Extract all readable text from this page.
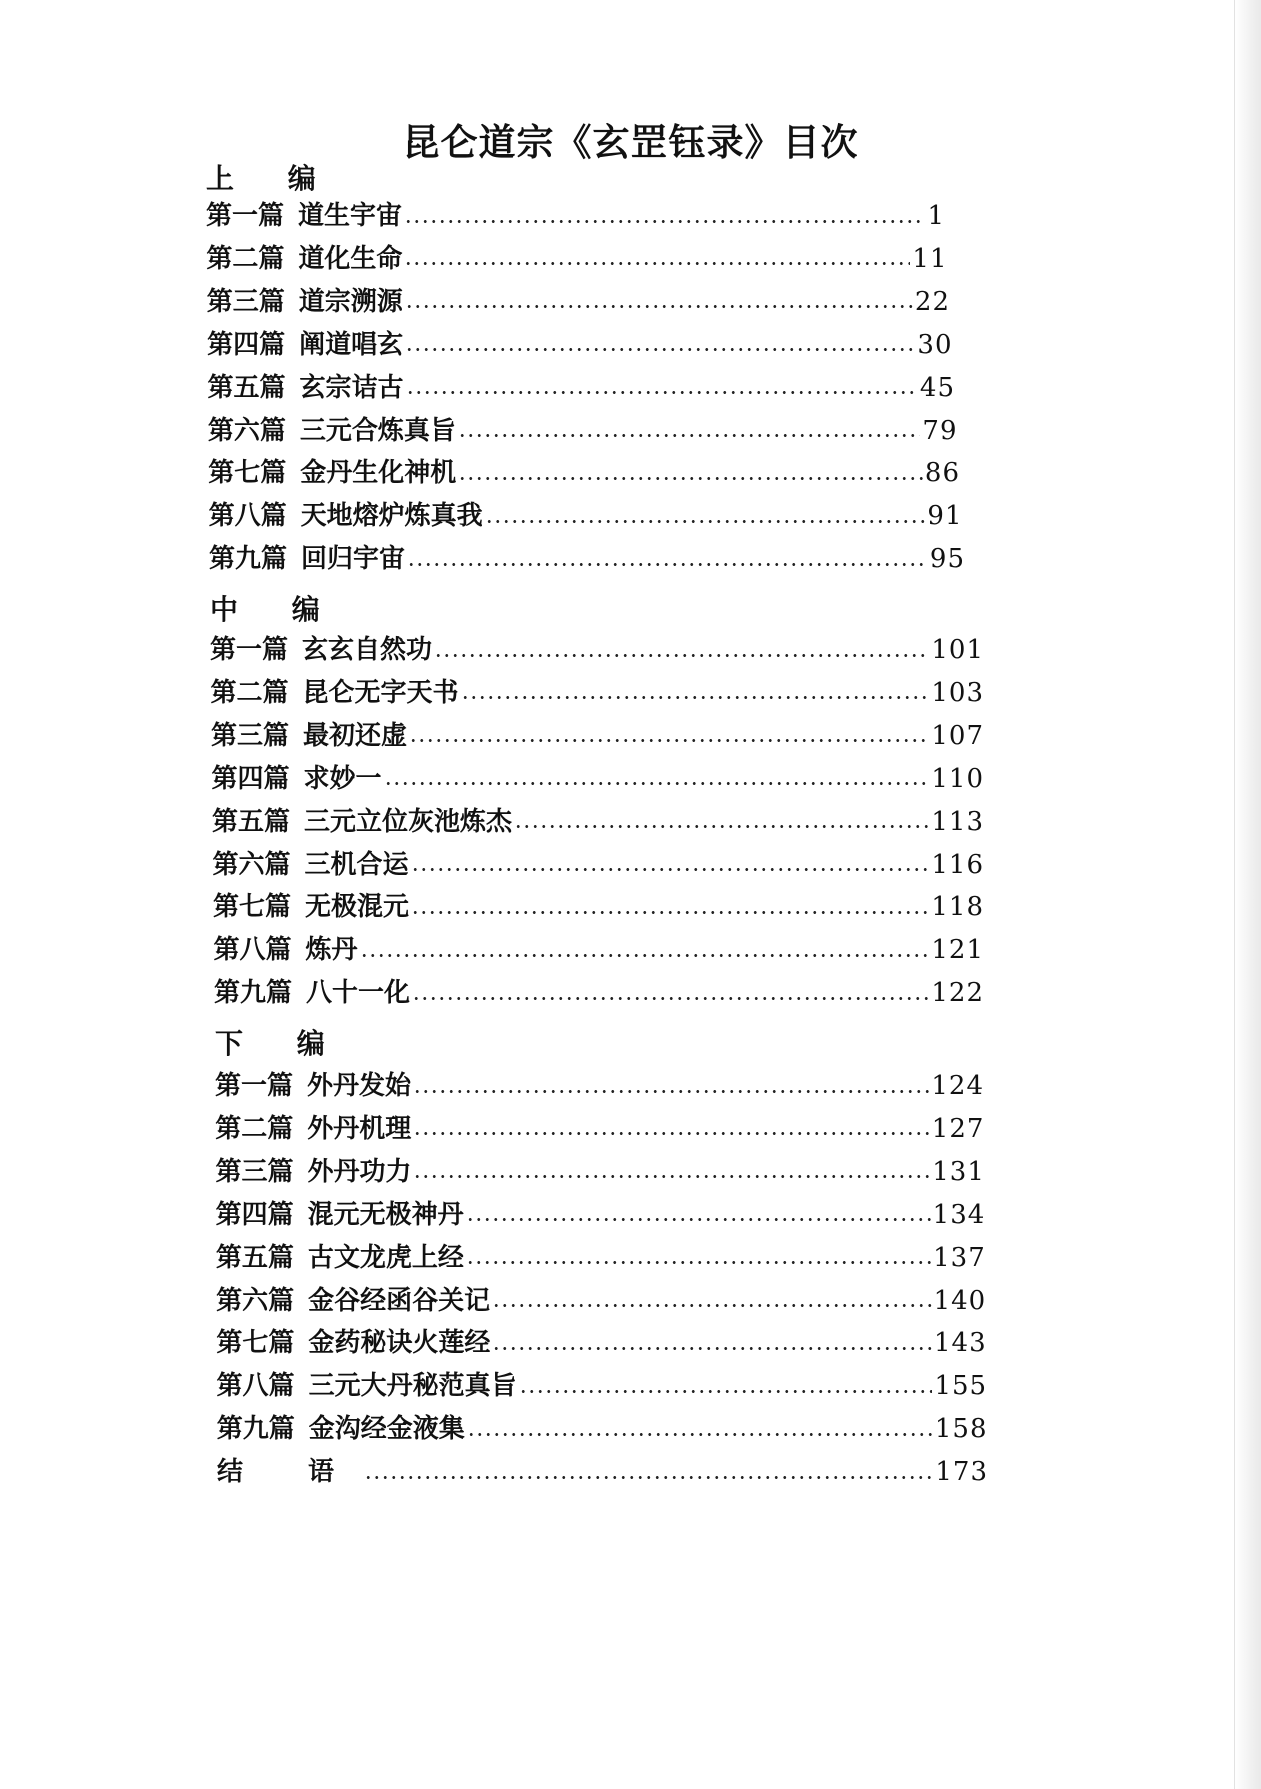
昆仑道宗《玄罡钰录》目次
上 编
第一篇 道生宇宙	1
第二篇 道化生命	11
第三篇 道宗溯源	22
第四篇 阐道唱玄	30
第五篇 玄宗诘古	45
第六篇 三元合炼真旨	79
第七篇 金丹生化神机	86
第八篇 天地熔炉炼真我	91
第九篇 回归宇宙	95
中 编
第一篇 玄玄自然功	101
第二篇 昆仑无字天书	103
第三篇 最初还虚	107
第四篇 求妙一	110
第五篇 三元立位灰池炼杰	113
第六篇 三机合运	116
第七篇 无极混元	118
第八篇 炼丹	121
第九篇 八十一化	122
下 编
第一篇 外丹发始	124
第二篇 外丹机理	127
第三篇 外丹功力	131
第四篇 混元无极神丹	134
第五篇 古文龙虎上经	137
第六篇 金谷经函谷关记	140
第七篇 金药秘诀火莲经	143
第八篇 三元大丹秘范真旨	155
第九篇 金沟经金液集	158
结 语	173
